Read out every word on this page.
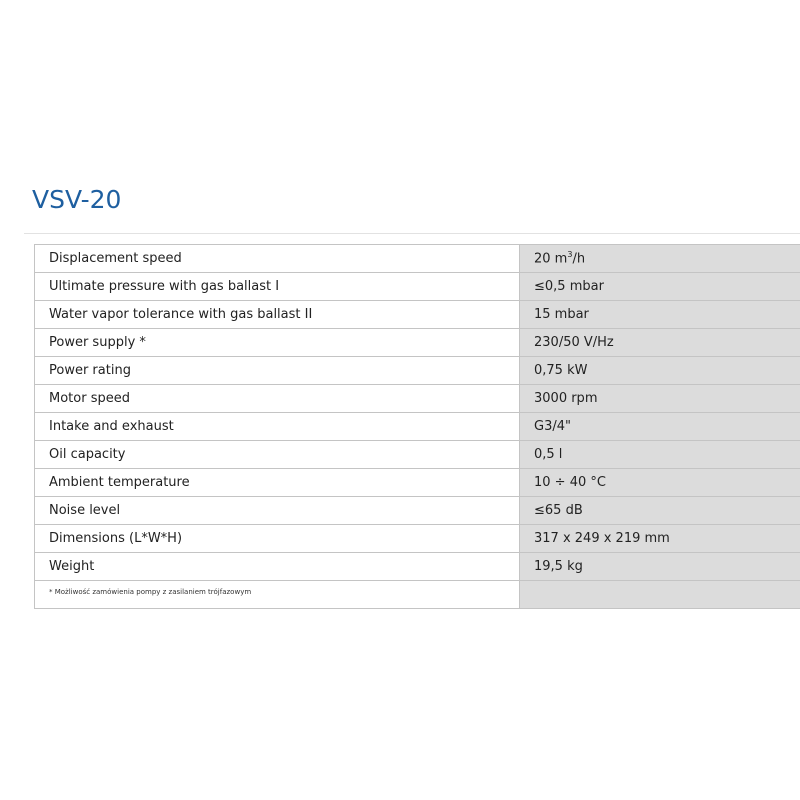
VSV-20
Displacement speed	20 $m^3/h$
Ultimate pressure with gas ballast I	≤0,5 mbar
Water vapor tolerance with gas ballast II	15 mbar
Power supply *	230/50 V/Hz
Power rating	0,75 kW
Motor speed	3000 rpm
Intake and exhaust	G3/4"
Oil capacity	0,5 l
Ambient temperature	10 ÷ 40 °C
Noise level	≤65 dB
Dimensions (L*W*H)	317 x 249 x 219 mm
Weight	19,5 kg
$^{* Możliwość zamówienia pompy z zasilaniem trójfazowym}$	
